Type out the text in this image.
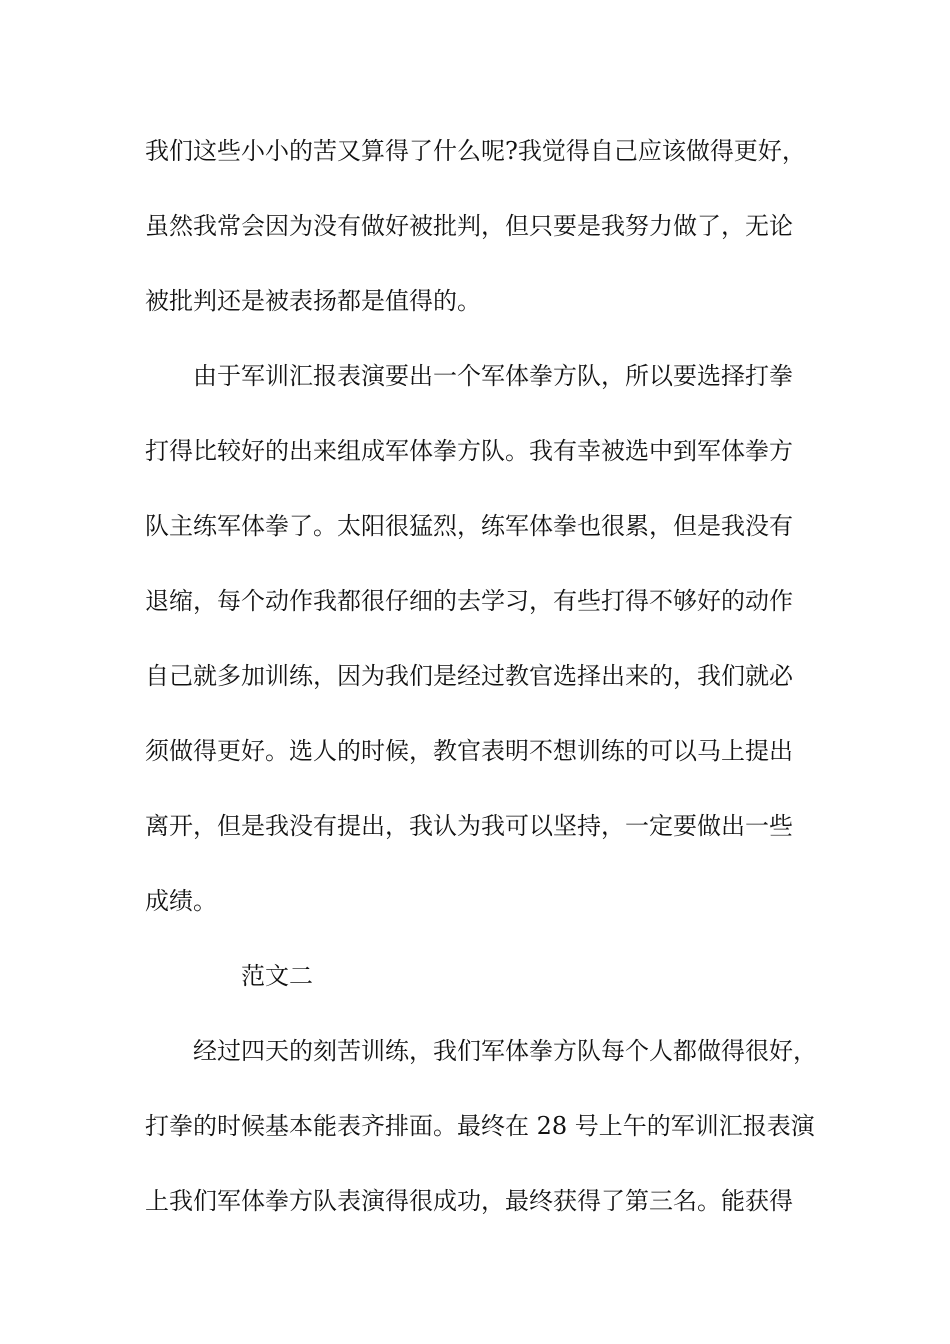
我们这些小小的苦又算得了什么呢?我觉得自己应该做得更好，

虽然我常会因为没有做好被批判，但只要是我努力做了，无论

被批判还是被表扬都是值得的。

由于军训汇报表演要出一个军体拳方队，所以要选择打拳

打得比较好的出来组成军体拳方队。我有幸被选中到军体拳方

队主练军体拳了。太阳很猛烈，练军体拳也很累，但是我没有

退缩，每个动作我都很仔细的去学习，有些打得不够好的动作

自己就多加训练，因为我们是经过教官选择出来的，我们就必

须做得更好。选人的时候，教官表明不想训练的可以马上提出

离开，但是我没有提出，我认为我可以坚持，一定要做出一些

成绩。

范文二

经过四天的刻苦训练，我们军体拳方队每个人都做得很好，

打拳的时候基本能表齐排面。最终在 28 号上午的军训汇报表演

上我们军体拳方队表演得很成功，最终获得了第三名。能获得
